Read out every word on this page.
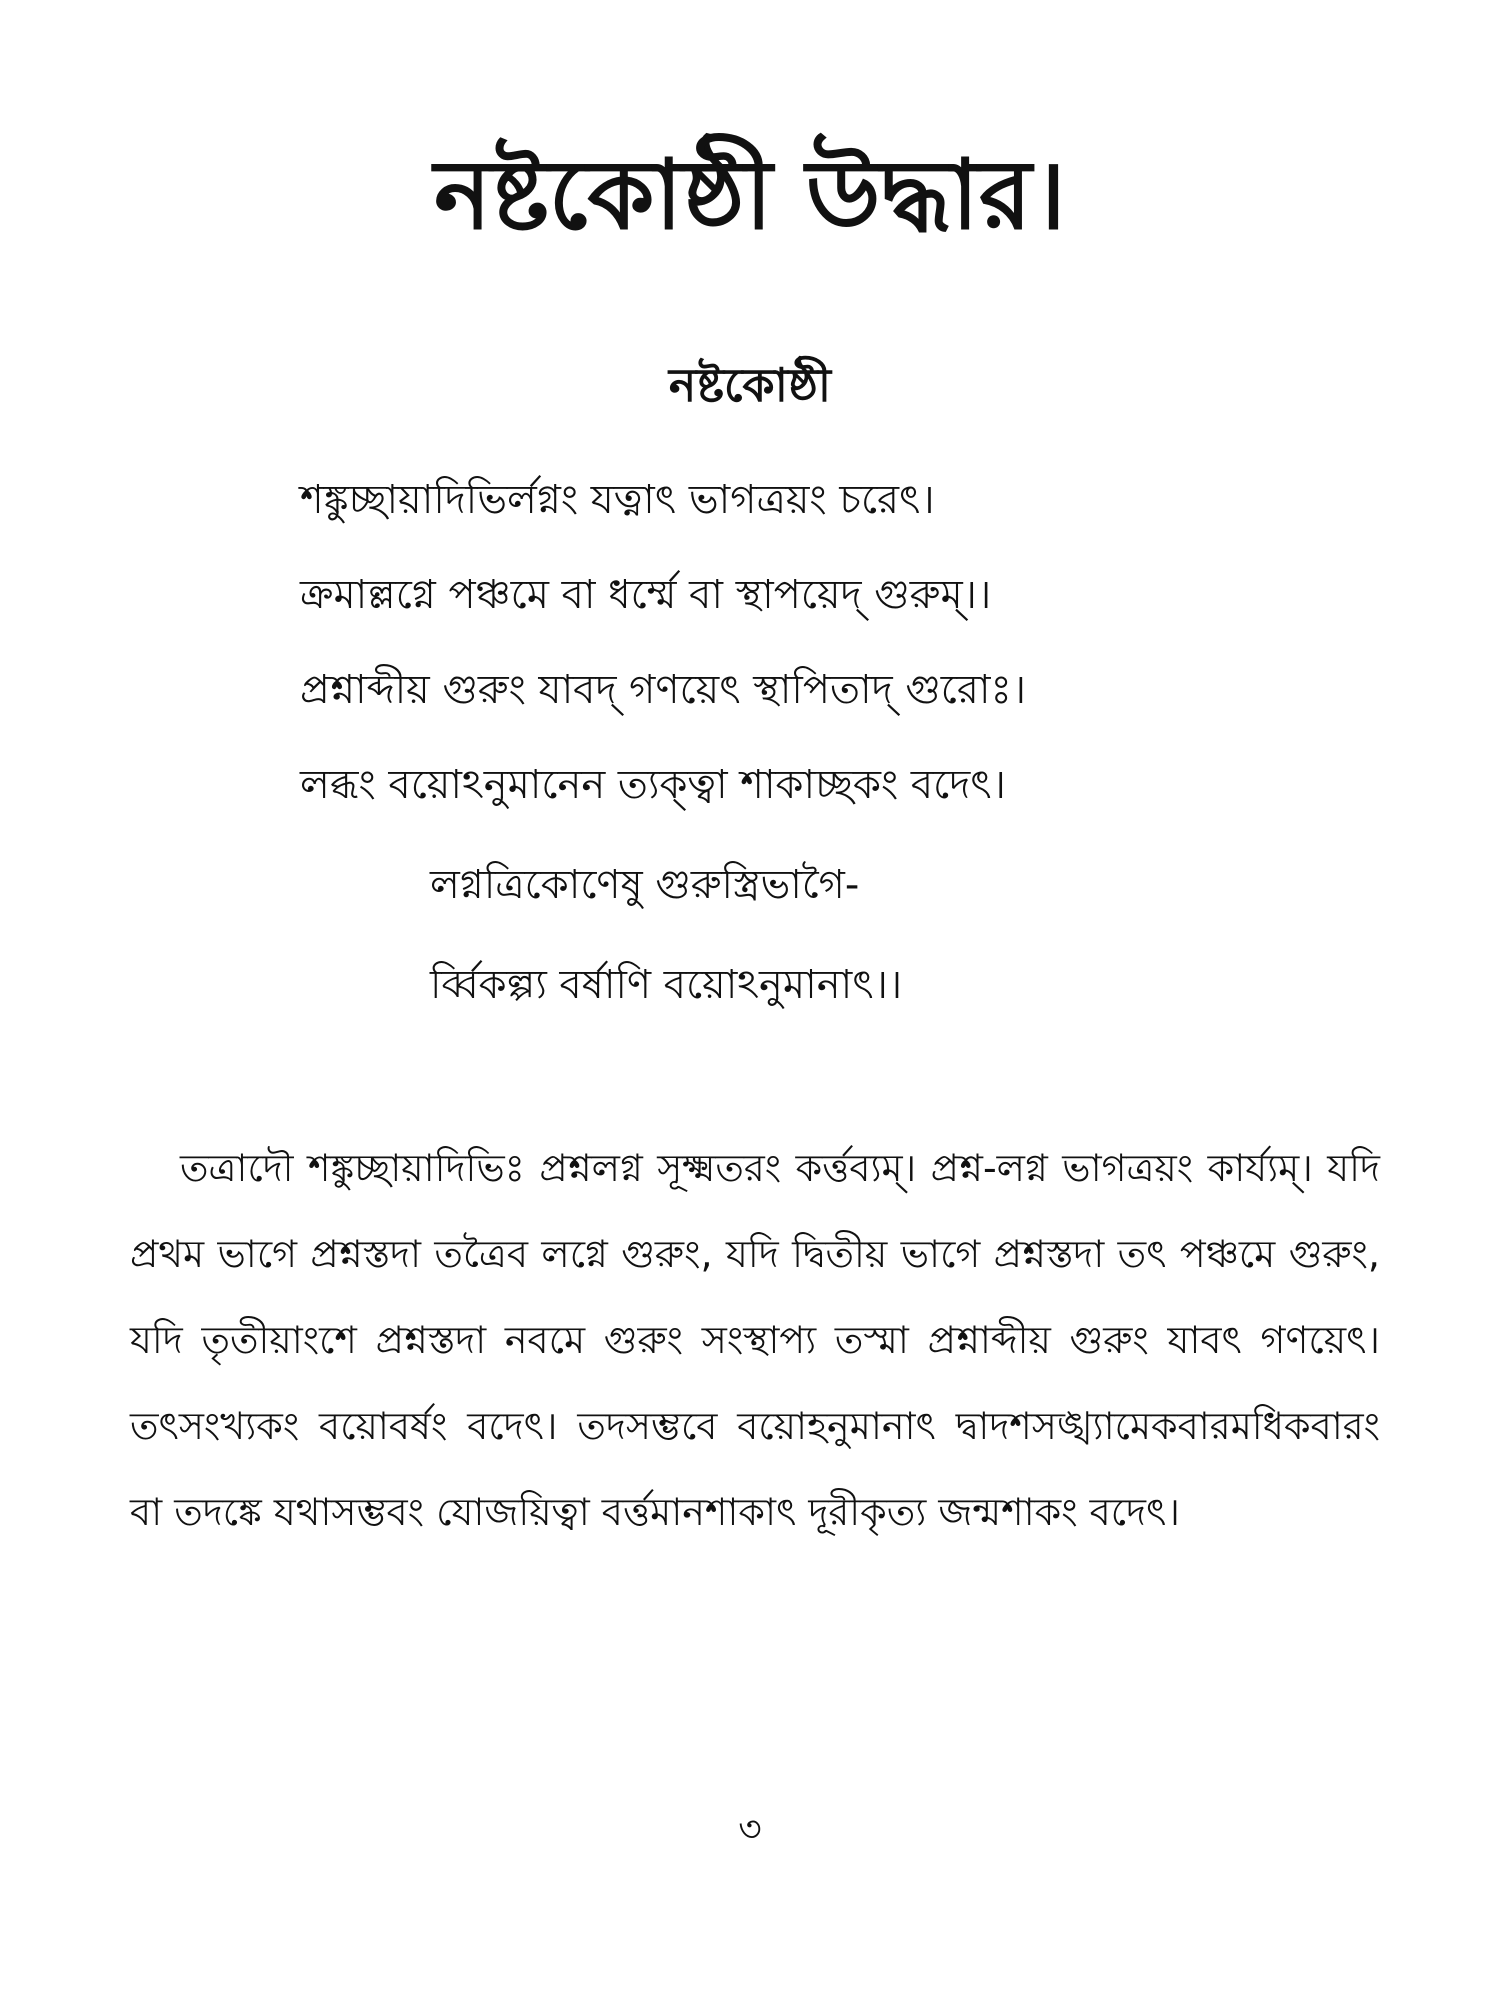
নষ্টকোষ্ঠী উদ্ধার।
নষ্টকোষ্ঠী

শঙ্কুচ্ছায়াদিভির্লগ্নং যত্নাৎ ভাগত্রয়ং চরেৎ।

ক্রমাল্লগ্নে পঞ্চমে বা ধর্ম্মে বা স্থাপয়েদ্ গুরুম্।।

প্রশ্নাব্দীয় গুরুং যাবদ্ গণয়েৎ স্থাপিতাদ্ গুরোঃ।

লব্ধং বয়োঽনুমানেন ত্যক্ত্বা শাকাচ্ছকং বদেৎ।

লগ্নত্রিকোণেষু গুরুস্ত্রিভাগৈ-

র্ব্বিকল্প্য বর্ষাণি বয়োঽনুমানাৎ।।

তত্রাদৌ শঙ্কুচ্ছায়াদিভিঃ প্রশ্নলগ্ন সূক্ষ্মতরং কর্ত্তব্যম্। প্রশ্ন-লগ্ন ভাগত্রয়ং কার্য্যম্। যদি প্রথম ভাগে প্রশ্নস্তদা তত্রৈব লগ্নে গুরুং, যদি দ্বিতীয় ভাগে প্রশ্নস্তদা তৎ পঞ্চমে গুরুং, যদি তৃতীয়াংশে প্রশ্নস্তদা নবমে গুরুং সংস্থাপ্য তস্মা প্রশ্নাব্দীয় গুরুং যাবৎ গণয়েৎ। তৎসংখ্যকং বয়োবর্ষং বদেৎ। তদসম্ভবে বয়োহনুমানাৎ দ্বাদশসঙ্খ্যামেকবারমধিকবারং বা তদঙ্কে যথাসম্ভবং যোজয়িত্বা বর্ত্তমানশাকাৎ দূরীকৃত্য জন্মশাকং বদেৎ।

৩
